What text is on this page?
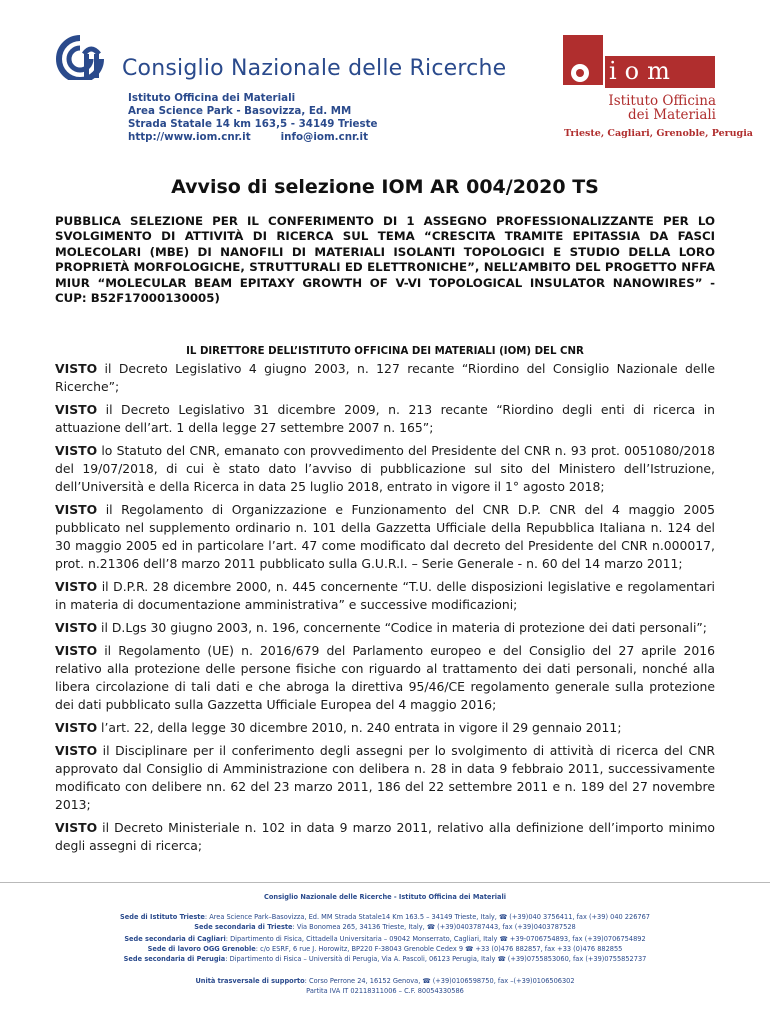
Consiglio Nazionale delle Ricerche
Istituto Officina dei Materiali
Area Science Park - Basovizza, Ed. MM
Strada Statale 14 km 163,5 - 34149 Trieste
http://www.iom.cnr.it	info@iom.cnr.it
iom
Istituto Officina
dei Materiali
Trieste, Cagliari, Grenoble, Perugia
Avviso di selezione IOM AR 004/2020 TS
PUBBLICA SELEZIONE PER IL CONFERIMENTO DI 1 ASSEGNO PROFESSIONALIZZANTE PER LO SVOLGIMENTO DI ATTIVITÀ DI RICERCA SUL TEMA “CRESCITA TRAMITE EPITASSIA DA FASCI MOLECOLARI (MBE) DI NANOFILI DI MATERIALI ISOLANTI TOPOLOGICI E STUDIO DELLA LORO PROPRIETÀ MORFOLOGICHE, STRUTTURALI ED ELETTRONICHE”, NELL’AMBITO DEL PROGETTO NFFA MIUR “MOLECULAR BEAM EPITAXY GROWTH OF V-VI TOPOLOGICAL INSULATOR NANOWIRES” - CUP: B52F17000130005)
IL DIRETTORE DELL’ISTITUTO OFFICINA DEI MATERIALI (IOM) DEL CNR

VISTO il Decreto Legislativo 4 giugno 2003, n. 127 recante “Riordino del Consiglio Nazionale delle Ricerche”;

VISTO il Decreto Legislativo 31 dicembre 2009, n. 213 recante “Riordino degli enti di ricerca in attuazione dell’art. 1 della legge 27 settembre 2007 n. 165”;

VISTO lo Statuto del CNR, emanato con provvedimento del Presidente del CNR n. 93 prot. 0051080/2018 del 19/07/2018, di cui è stato dato l’avviso di pubblicazione sul sito del Ministero dell’Istruzione, dell’Università e della Ricerca in data 25 luglio 2018, entrato in vigore il 1° agosto 2018;

VISTO il Regolamento di Organizzazione e Funzionamento del CNR D.P. CNR del 4 maggio 2005 pubblicato nel supplemento ordinario n. 101 della Gazzetta Ufficiale della Repubblica Italiana n. 124 del 30 maggio 2005 ed in particolare l’art. 47 come modificato dal decreto del Presidente del CNR n.000017, prot. n.21306 dell’8 marzo 2011 pubblicato sulla G.U.R.I. – Serie Generale - n. 60 del 14 marzo 2011;

VISTO il D.P.R. 28 dicembre 2000, n. 445 concernente “T.U. delle disposizioni legislative e regolamentari in materia di documentazione amministrativa” e successive modificazioni;

VISTO il D.Lgs 30 giugno 2003, n. 196, concernente “Codice in materia di protezione dei dati personali”;

VISTO il Regolamento (UE) n. 2016/679 del Parlamento europeo e del Consiglio del 27 aprile 2016 relativo alla protezione delle persone fisiche con riguardo al trattamento dei dati personali, nonché alla libera circolazione di tali dati e che abroga la direttiva 95/46/CE regolamento generale sulla protezione dei dati pubblicato sulla Gazzetta Ufficiale Europea del 4 maggio 2016;

VISTO l’art. 22, della legge 30 dicembre 2010, n. 240 entrata in vigore il 29 gennaio 2011;

VISTO il Disciplinare per il conferimento degli assegni per lo svolgimento di attività di ricerca del CNR approvato dal Consiglio di Amministrazione con delibera n. 28 in data 9 febbraio 2011, successivamente modificato con delibere nn. 62 del 23 marzo 2011, 186 del 22 settembre 2011 e n. 189 del 27 novembre 2013;

VISTO il Decreto Ministeriale n. 102 in data 9 marzo 2011, relativo alla definizione dell’importo minimo degli assegni di ricerca;

Consiglio Nazionale delle Ricerche - Istituto Officina dei Materiali
Sede di Istituto Trieste: Area Science Park–Basovizza, Ed. MM Strada Statale14 Km 163.5 – 34149 Trieste, Italy, ☎ (+39)040 3756411, fax (+39) 040 226767
Sede secondaria di Trieste: Via Bonomea 265, 34136 Trieste, Italy, ☎ (+39)0403787443, fax (+39)0403787528
Sede secondaria di Cagliari: Dipartimento di Fisica, Cittadella Universitaria – 09042 Monserrato, Cagliari, Italy ☎ +39-0706754893, fax (+39)0706754892
Sede di lavoro OGG Grenoble: c/o ESRF, 6 rue J. Horowitz, BP220 F-38043 Grenoble Cedex 9 ☎ +33 (0)476 882857, fax +33 (0)476 882855
Sede secondaria di Perugia: Dipartimento di Fisica – Università di Perugia, Via A. Pascoli, 06123 Perugia, Italy ☎ (+39)0755853060, fax (+39)0755852737
Unità trasversale di supporto: Corso Perrone 24, 16152 Genova, ☎ (+39)0106598750, fax –(+39)0106506302
Partita IVA IT 02118311006 – C.F. 80054330586
